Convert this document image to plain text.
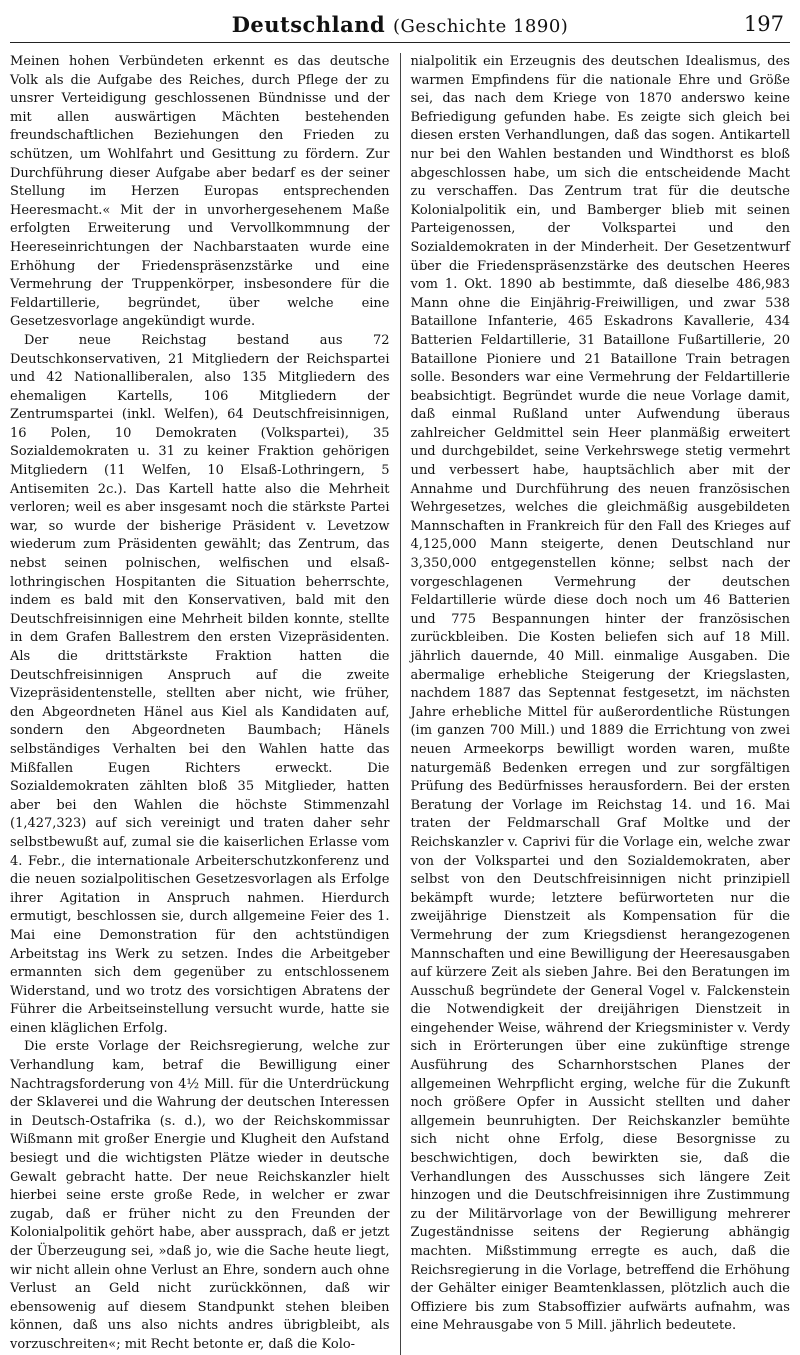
Deutschland (Geschichte 1890)	197

Meinen hohen Verbündeten erkennt es das deutsche Volk als die Aufgabe des Reiches, durch Pflege der zu unsrer Verteidigung geschlossenen Bündnisse und der mit allen auswärtigen Mächten bestehenden freundschaftlichen Beziehungen den Frieden zu schützen, um Wohlfahrt und Gesittung zu fördern. Zur Durchführung dieser Aufgabe aber bedarf es der seiner Stellung im Herzen Europas entsprechenden Heeresmacht.« Mit der in unvorhergesehenem Maße erfolgten Erweiterung und Vervollkommnung der Heereseinrichtungen der Nachbarstaaten wurde eine Erhöhung der Friedenspräsenzstärke und eine Vermehrung der Truppenkörper, insbesondere für die Feldartillerie, begründet, über welche eine Gesetzesvorlage angekündigt wurde.

Der neue Reichstag bestand aus 72 Deutschkonservativen, 21 Mitgliedern der Reichspartei und 42 Nationalliberalen, also 135 Mitgliedern des ehemaligen Kartells, 106 Mitgliedern der Zentrumspartei (inkl. Welfen), 64 Deutschfreisinnigen, 16 Polen, 10 Demokraten (Volkspartei), 35 Sozialdemokraten u. 31 zu keiner Fraktion gehörigen Mitgliedern (11 Welfen, 10 Elsaß-Lothringern, 5 Antisemiten 2c.). Das Kartell hatte also die Mehrheit verloren; weil es aber insgesamt noch die stärkste Partei war, so wurde der bisherige Präsident v. Levetzow wiederum zum Präsidenten gewählt; das Zentrum, das nebst seinen polnischen, welfischen und elsaß-lothringischen Hospitanten die Situation beherrschte, indem es bald mit den Konservativen, bald mit den Deutschfreisinnigen eine Mehrheit bilden konnte, stellte in dem Grafen Ballestrem den ersten Vizepräsidenten. Als die drittstärkste Fraktion hatten die Deutschfreisinnigen Anspruch auf die zweite Vizepräsidentenstelle, stellten aber nicht, wie früher, den Abgeordneten Hänel aus Kiel als Kandidaten auf, sondern den Abgeordneten Baumbach; Hänels selbständiges Verhalten bei den Wahlen hatte das Mißfallen Eugen Richters erweckt. Die Sozialdemokraten zählten bloß 35 Mitglieder, hatten aber bei den Wahlen die höchste Stimmenzahl (1,427,323) auf sich vereinigt und traten daher sehr selbstbewußt auf, zumal sie die kaiserlichen Erlasse vom 4. Febr., die internationale Arbeiterschutzkonferenz und die neuen sozialpolitischen Gesetzesvorlagen als Erfolge ihrer Agitation in Anspruch nahmen. Hierdurch ermutigt, beschlossen sie, durch allgemeine Feier des 1. Mai eine Demonstration für den achtstündigen Arbeitstag ins Werk zu setzen. Indes die Arbeitgeber ermannten sich dem gegenüber zu entschlossenem Widerstand, und wo trotz des vorsichtigen Abratens der Führer die Arbeitseinstellung versucht wurde, hatte sie einen kläglichen Erfolg.

Die erste Vorlage der Reichsregierung, welche zur Verhandlung kam, betraf die Bewilligung einer Nachtragsforderung von 4½ Mill. für die Unterdrückung der Sklaverei und die Wahrung der deutschen Interessen in Deutsch-Ostafrika (s. d.), wo der Reichskommissar Wißmann mit großer Energie und Klugheit den Aufstand besiegt und die wichtigsten Plätze wieder in deutsche Gewalt gebracht hatte. Der neue Reichskanzler hielt hierbei seine erste große Rede, in welcher er zwar zugab, daß er früher nicht zu den Freunden der Kolonialpolitik gehört habe, aber aussprach, daß er jetzt der Überzeugung sei, »daß jo, wie die Sache heute liegt, wir nicht allein ohne Verlust an Ehre, sondern auch ohne Verlust an Geld nicht zurückkönnen, daß wir ebensowenig auf diesem Standpunkt stehen bleiben können, daß uns also nichts andres übrigbleibt, als vorzuschreiten«; mit Recht betonte er, daß die Kolo-

nialpolitik ein Erzeugnis des deutschen Idealismus, des warmen Empfindens für die nationale Ehre und Größe sei, das nach dem Kriege von 1870 anderswo keine Befriedigung gefunden habe. Es zeigte sich gleich bei diesen ersten Verhandlungen, daß das sogen. Antikartell nur bei den Wahlen bestanden und Windthorst es bloß abgeschlossen habe, um sich die entscheidende Macht zu verschaffen. Das Zentrum trat für die deutsche Kolonialpolitik ein, und Bamberger blieb mit seinen Parteigenossen, der Volkspartei und den Sozialdemokraten in der Minderheit. Der Gesetzentwurf über die Friedenspräsenzstärke des deutschen Heeres vom 1. Okt. 1890 ab bestimmte, daß dieselbe 486,983 Mann ohne die Einjährig-Freiwilligen, und zwar 538 Bataillone Infanterie, 465 Eskadrons Kavallerie, 434 Batterien Feldartillerie, 31 Bataillone Fußartillerie, 20 Bataillone Pioniere und 21 Bataillone Train betragen solle. Besonders war eine Vermehrung der Feldartillerie beabsichtigt. Begründet wurde die neue Vorlage damit, daß einmal Rußland unter Aufwendung überaus zahlreicher Geldmittel sein Heer planmäßig erweitert und durchgebildet, seine Verkehrswege stetig vermehrt und verbessert habe, hauptsächlich aber mit der Annahme und Durchführung des neuen französischen Wehrgesetzes, welches die gleichmäßig ausgebildeten Mannschaften in Frankreich für den Fall des Krieges auf 4,125,000 Mann steigerte, denen Deutschland nur 3,350,000 entgegenstellen könne; selbst nach der vorgeschlagenen Vermehrung der deutschen Feldartillerie würde diese doch noch um 46 Batterien und 775 Bespannungen hinter der französischen zurückbleiben. Die Kosten beliefen sich auf 18 Mill. jährlich dauernde, 40 Mill. einmalige Ausgaben. Die abermalige erhebliche Steigerung der Kriegslasten, nachdem 1887 das Septennat festgesetzt, im nächsten Jahre erhebliche Mittel für außerordentliche Rüstungen (im ganzen 700 Mill.) und 1889 die Errichtung von zwei neuen Armeekorps bewilligt worden waren, mußte naturgemäß Bedenken erregen und zur sorgfältigen Prüfung des Bedürfnisses herausfordern. Bei der ersten Beratung der Vorlage im Reichstag 14. und 16. Mai traten der Feldmarschall Graf Moltke und der Reichskanzler v. Caprivi für die Vorlage ein, welche zwar von der Volkspartei und den Sozialdemokraten, aber selbst von den Deutschfreisinnigen nicht prinzipiell bekämpft wurde; letztere befürworteten nur die zweijährige Dienstzeit als Kompensation für die Vermehrung der zum Kriegsdienst herangezogenen Mannschaften und eine Bewilligung der Heeresausgaben auf kürzere Zeit als sieben Jahre. Bei den Beratungen im Ausschuß begründete der General Vogel v. Falckenstein die Notwendigkeit der dreijährigen Dienstzeit in eingehender Weise, während der Kriegsminister v. Verdy sich in Erörterungen über eine zukünftige strenge Ausführung des Scharnhorstschen Planes der allgemeinen Wehrpflicht erging, welche für die Zukunft noch größere Opfer in Aussicht stellten und daher allgemein beunruhigten. Der Reichskanzler bemühte sich nicht ohne Erfolg, diese Besorgnisse zu beschwichtigen, doch bewirkten sie, daß die Verhandlungen des Ausschusses sich längere Zeit hinzogen und die Deutschfreisinnigen ihre Zustimmung zu der Militärvorlage von der Bewilligung mehrerer Zugeständnisse seitens der Regierung abhängig machten. Mißstimmung erregte es auch, daß die Reichsregierung in die Vorlage, betreffend die Erhöhung der Gehälter einiger Beamtenklassen, plötzlich auch die Offiziere bis zum Stabsoffizier aufwärts aufnahm, was eine Mehrausgabe von 5 Mill. jährlich bedeutete.
